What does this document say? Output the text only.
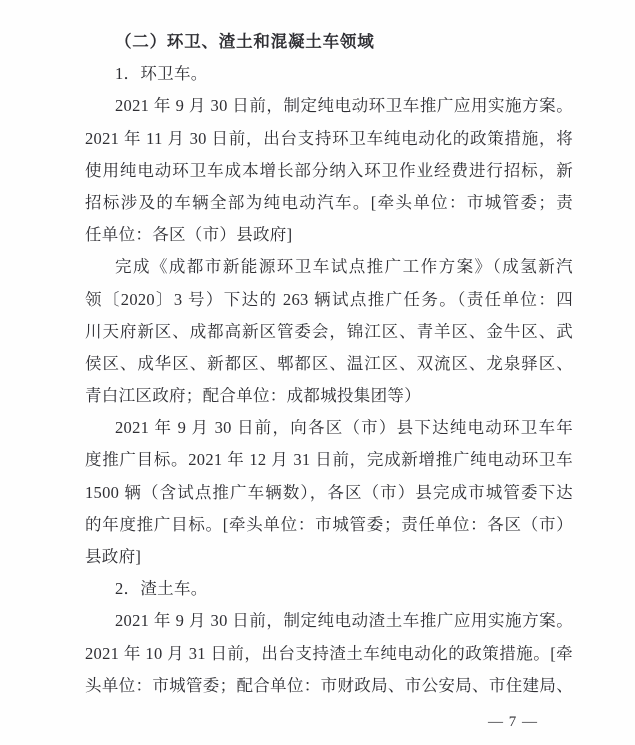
（二）环卫、渣土和混凝土车领域
1．环卫车。
2021 年 9 月 30 日前，制定纯电动环卫车推广应用实施方案。
2021 年 11 月 30 日前，出台支持环卫车纯电动化的政策措施，将
使用纯电动环卫车成本增长部分纳入环卫作业经费进行招标，新
招标涉及的车辆全部为纯电动汽车。[牵头单位：市城管委；责
任单位：各区（市）县政府]
完成《成都市新能源环卫车试点推广工作方案》（成氢新汽
领〔2020〕3 号）下达的 263 辆试点推广任务。（责任单位：四
川天府新区、成都高新区管委会，锦江区、青羊区、金牛区、武
侯区、成华区、新都区、郫都区、温江区、双流区、龙泉驿区、
青白江区政府；配合单位：成都城投集团等）
2021 年 9 月 30 日前，向各区（市）县下达纯电动环卫车年
度推广目标。2021 年 12 月 31 日前，完成新增推广纯电动环卫车
1500 辆（含试点推广车辆数），各区（市）县完成市城管委下达
的年度推广目标。[牵头单位：市城管委；责任单位：各区（市）
县政府]
2．渣土车。
2021 年 9 月 30 日前，制定纯电动渣土车推广应用实施方案。
2021 年 10 月 31 日前，出台支持渣土车纯电动化的政策措施。[牵
头单位：市城管委；配合单位：市财政局、市公安局、市住建局、
— 7 —
